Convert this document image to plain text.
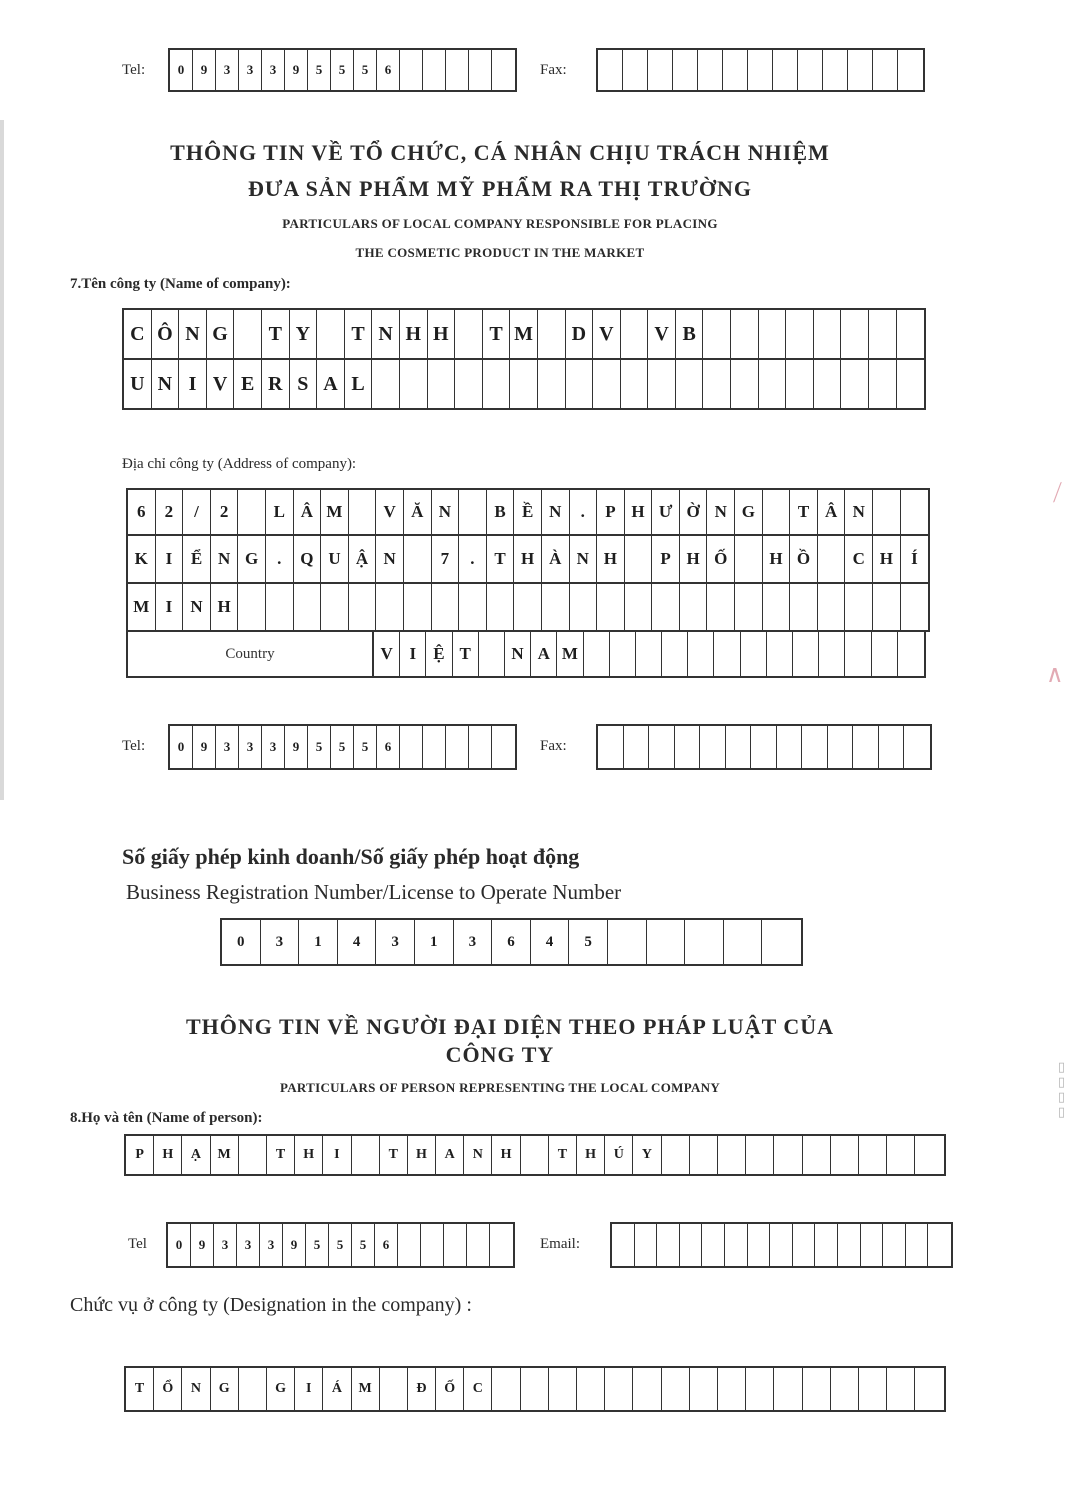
Tel:	0	9	3	3	3	9	5	5	5	6	Fax:
THÔNG TIN VỀ TỔ CHỨC, CÁ NHÂN CHỊU TRÁCH NHIỆM
ĐƯA SẢN PHẨM MỸ PHẨM RA THỊ TRƯỜNG
PARTICULARS OF LOCAL COMPANY RESPONSIBLE FOR PLACING
THE COSMETIC PRODUCT IN THE MARKET
7.Tên công ty (Name of company):
C Ô N G	T Y	T N H H	T M	D V	V B
U N I V E R S A L
Địa chỉ công ty (Address of company):
6	2	/	2	L Â M	V Ă N	B Ề N	.	P H Ư Ờ N G	T Â N
K	I	Ể N G	.	Q U Ậ N	7	.	T H À N H	P H Ố	H Ồ	C H	Í
M I	N H
Country	V I	Ệ T	N A M
Tel:	0	9	3	3	3	9	5	5	5	6	Fax:
Số giấy phép kinh doanh/Số giấy phép hoạt động
Business Registration Number/License to Operate Number
0	3	1	4	3	1	3	6	4	5
THÔNG TIN VỀ NGƯỜI ĐẠI DIỆN THEO PHÁP LUẬT CỦA
CÔNG TY
PARTICULARS OF PERSON REPRESENTING THE LOCAL COMPANY
8.Họ và tên (Name of person):
P	H	Ạ	M	T	H	I	T	H	A	N	H	T	H	Ú	Y
Tel	0	9	3	3	3	9	5	5	5	6	Email:
Chức vụ ở công ty (Designation in the company) :
T	Ổ	N	G	G	I	Á	M	Đ	Ố	C
⟋
∧
▯▯▯▯
